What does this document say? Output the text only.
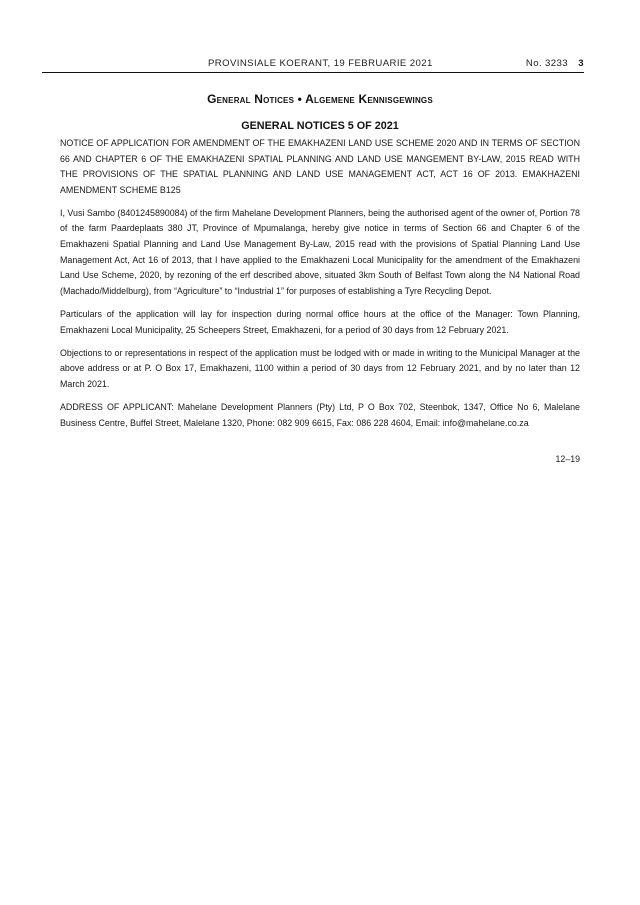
PROVINSIALE KOERANT, 19 FEBRUARIE 2021	No. 3233 3
General Notices • Algemene Kennisgewings
GENERAL NOTICES 5 OF 2021

NOTICE OF APPLICATION FOR AMENDMENT OF THE EMAKHAZENI LAND USE SCHEME 2020 AND IN TERMS OF SECTION 66 AND CHAPTER 6 OF THE EMAKHAZENI SPATIAL PLANNING AND LAND USE MANGEMENT BY-LAW, 2015 READ WITH THE PROVISIONS OF THE SPATIAL PLANNING AND LAND USE MANAGEMENT ACT, ACT 16 OF 2013. EMAKHAZENI AMENDMENT SCHEME B125

I, Vusi Sambo (8401245890084) of the firm Mahelane Development Planners, being the authorised agent of the owner of, Portion 78 of the farm Paardeplaats 380 JT, Province of Mpumalanga, hereby give notice in terms of Section 66 and Chapter 6 of the Emakhazeni Spatial Planning and Land Use Management By-Law, 2015 read with the provisions of Spatial Planning Land Use Management Act, Act 16 of 2013, that I have applied to the Emakhazeni Local Municipality for the amendment of the Emakhazeni Land Use Scheme, 2020, by rezoning of the erf described above, situated 3km South of Belfast Town along the N4 National Road (Machado/Middelburg), from “Agriculture” to “Industrial 1” for purposes of establishing a Tyre Recycling Depot.

Particulars of the application will lay for inspection during normal office hours at the office of the Manager: Town Planning, Emakhazeni Local Municipality, 25 Scheepers Street, Emakhazeni, for a period of 30 days from 12 February 2021.

Objections to or representations in respect of the application must be lodged with or made in writing to the Municipal Manager at the above address or at P. O Box 17, Emakhazeni, 1100 within a period of 30 days from 12 February 2021, and by no later than 12 March 2021.

ADDRESS OF APPLICANT: Mahelane Development Planners (Pty) Ltd, P O Box 702, Steenbok, 1347, Office No 6, Malelane Business Centre, Buffel Street, Malelane 1320, Phone: 082 909 6615, Fax: 086 228 4604, Email: info@mahelane.co.za

12–19
